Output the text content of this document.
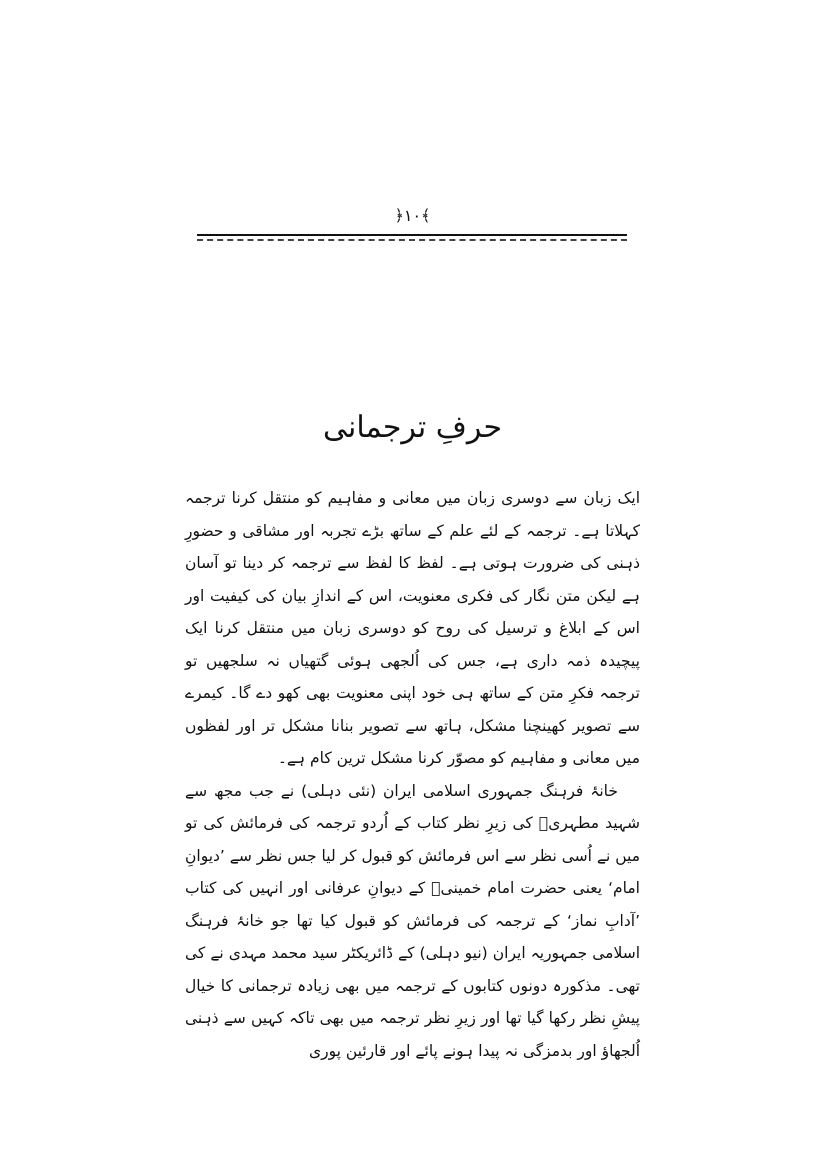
﴿۱۰﴾
حرفِ ترجمانی

ایک زبان سے دوسری زبان میں معانی و مفاہیم کو منتقل کرنا ترجمہ کہلاتا ہے۔ ترجمہ کے لئے علم کے ساتھ بڑے تجربہ اور مشاقی و حضورِ ذہنی کی ضرورت ہوتی ہے۔ لفظ کا لفظ سے ترجمہ کر دینا تو آسان ہے لیکن متن نگار کی فکری معنویت، اس کے اندازِ بیان کی کیفیت اور اس کے ابلاغ و ترسیل کی روح کو دوسری زبان میں منتقل کرنا ایک پیچیدہ ذمہ داری ہے، جس کی اُلجھی ہوئی گتھیاں نہ سلجھیں تو ترجمہ فکرِ متن کے ساتھ ہی خود اپنی معنویت بھی کھو دے گا۔ کیمرے سے تصویر کھینچنا مشکل، ہاتھ سے تصویر بنانا مشکل تر اور لفظوں میں معانی و مفاہیم کو مصوّر کرنا مشکل ترین کام ہے۔

خانۂ فرہنگ جمہوری اسلامی ایران (نئی دہلی) نے جب مجھ سے شہید مطہریؒ کی زیرِ نظر کتاب کے اُردو ترجمہ کی فرمائش کی تو میں نے اُسی نظر سے اس فرمائش کو قبول کر لیا جس نظر سے ’دیوانِ امام‘ یعنی حضرت امام خمینیؒ کے دیوانِ عرفانی اور انہیں کی کتاب ’آدابِ نماز‘ کے ترجمہ کی فرمائش کو قبول کیا تھا جو خانۂ فرہنگ اسلامی جمہوریہ ایران (نیو دہلی) کے ڈائریکٹر سید محمد مہدی نے کی تھی۔ مذکورہ دونوں کتابوں کے ترجمہ میں بھی زیادہ ترجمانی کا خیال پیشِ نظر رکھا گیا تھا اور زیرِ نظر ترجمہ میں بھی تاکہ کہیں سے ذہنی اُلجھاؤ اور بدمزگی نہ پیدا ہونے پائے اور قارئین پوری
